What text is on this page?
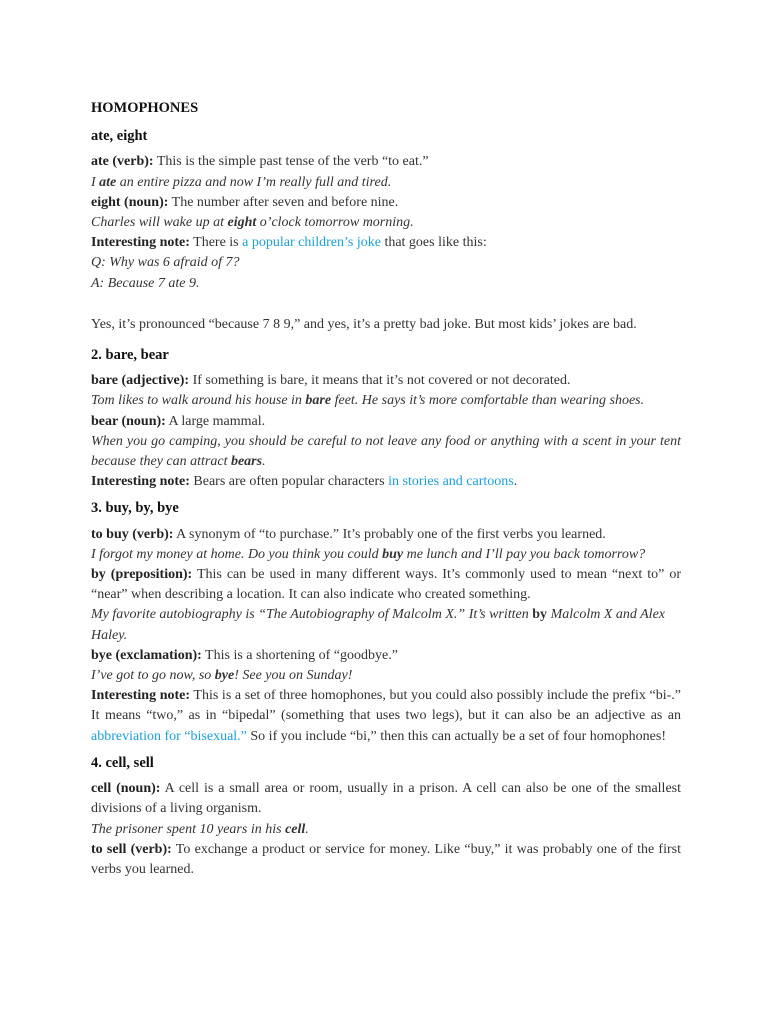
HOMOPHONES
ate, eight
ate (verb): This is the simple past tense of the verb “to eat.”
I ate an entire pizza and now I’m really full and tired.
eight (noun): The number after seven and before nine.
Charles will wake up at eight o’clock tomorrow morning.
Interesting note: There is a popular children’s joke that goes like this:
Q: Why was 6 afraid of 7?
A: Because 7 ate 9.
Yes, it’s pronounced “because 7 8 9,” and yes, it’s a pretty bad joke. But most kids’ jokes are bad.
2. bare, bear
bare (adjective): If something is bare, it means that it’s not covered or not decorated.
Tom likes to walk around his house in bare feet. He says it’s more comfortable than wearing shoes.
bear (noun): A large mammal.
When you go camping, you should be careful to not leave any food or anything with a scent in your tent because they can attract bears.
Interesting note: Bears are often popular characters in stories and cartoons.
3. buy, by, bye
to buy (verb): A synonym of “to purchase.” It’s probably one of the first verbs you learned.
I forgot my money at home. Do you think you could buy me lunch and I’ll pay you back tomorrow?
by (preposition): This can be used in many different ways. It’s commonly used to mean “next to” or “near” when describing a location. It can also indicate who created something.
My favorite autobiography is “The Autobiography of Malcolm X.” It’s written by Malcolm X and Alex Haley.
bye (exclamation): This is a shortening of “goodbye.”
I’ve got to go now, so bye! See you on Sunday!
Interesting note: This is a set of three homophones, but you could also possibly include the prefix “bi-.” It means “two,” as in “bipedal” (something that uses two legs), but it can also be an adjective as an abbreviation for “bisexual.” So if you include “bi,” then this can actually be a set of four homophones!
4. cell, sell
cell (noun): A cell is a small area or room, usually in a prison. A cell can also be one of the smallest divisions of a living organism.
The prisoner spent 10 years in his cell.
to sell (verb): To exchange a product or service for money. Like “buy,” it was probably one of the first verbs you learned.
